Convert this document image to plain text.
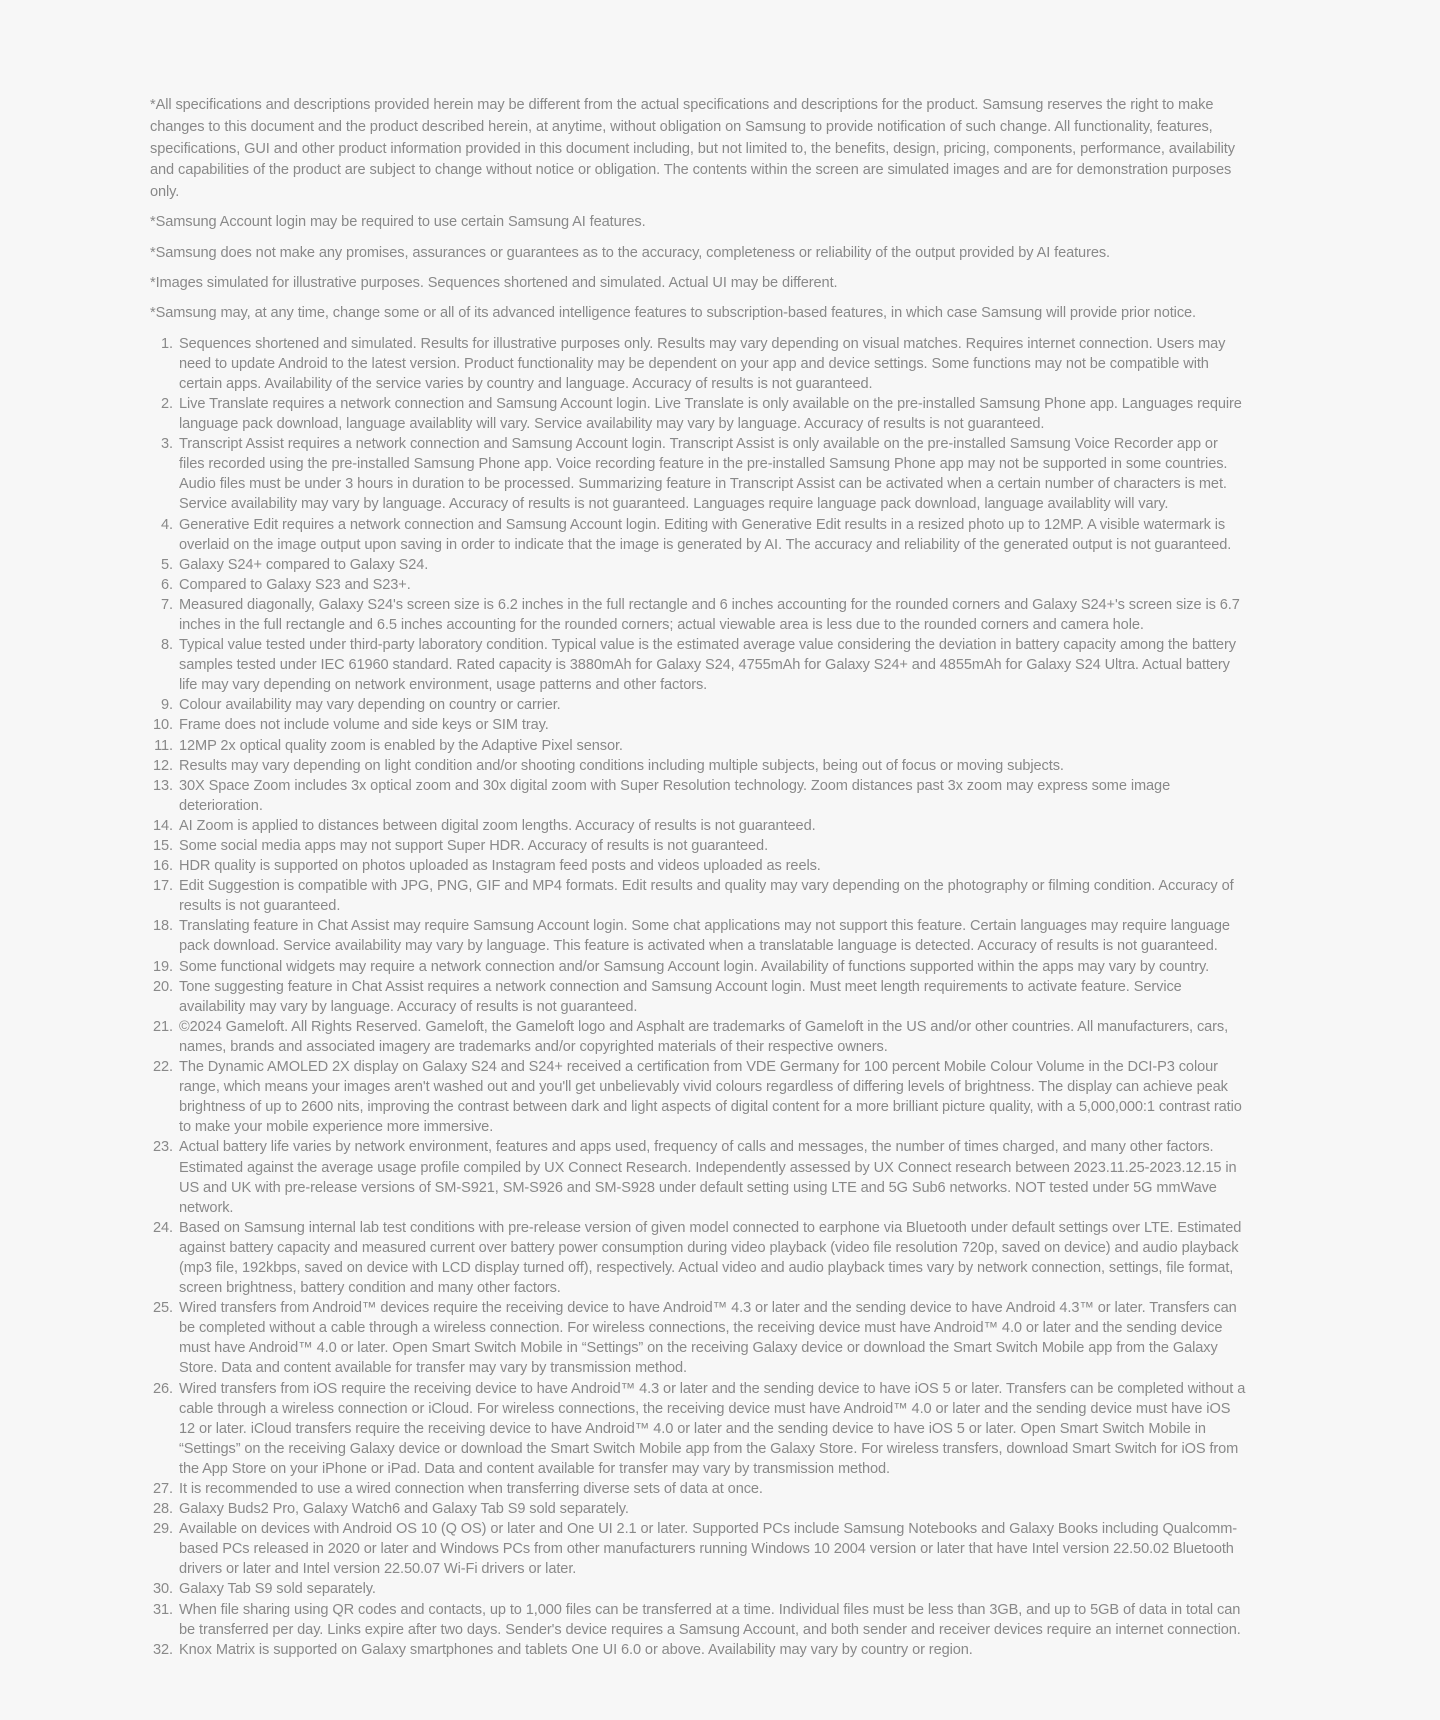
*All specifications and descriptions provided herein may be different from the actual specifications and descriptions for the product. Samsung reserves the right to make changes to this document and the product described herein, at anytime, without obligation on Samsung to provide notification of such change. All functionality, features, specifications, GUI and other product information provided in this document including, but not limited to, the benefits, design, pricing, components, performance, availability and capabilities of the product are subject to change without notice or obligation. The contents within the screen are simulated images and are for demonstration purposes only.

*Samsung Account login may be required to use certain Samsung AI features.

*Samsung does not make any promises, assurances or guarantees as to the accuracy, completeness or reliability of the output provided by AI features.

*Images simulated for illustrative purposes. Sequences shortened and simulated. Actual UI may be different.

*Samsung may, at any time, change some or all of its advanced intelligence features to subscription-based features, in which case Samsung will provide prior notice.

1. Sequences shortened and simulated. Results for illustrative purposes only. Results may vary depending on visual matches. Requires internet connection. Users may need to update Android to the latest version. Product functionality may be dependent on your app and device settings. Some functions may not be compatible with certain apps. Availability of the service varies by country and language. Accuracy of results is not guaranteed.
2. Live Translate requires a network connection and Samsung Account login. Live Translate is only available on the pre-installed Samsung Phone app. Languages require language pack download, language availablity will vary. Service availability may vary by language. Accuracy of results is not guaranteed.
3. Transcript Assist requires a network connection and Samsung Account login. Transcript Assist is only available on the pre-installed Samsung Voice Recorder app or files recorded using the pre-installed Samsung Phone app. Voice recording feature in the pre-installed Samsung Phone app may not be supported in some countries. Audio files must be under 3 hours in duration to be processed. Summarizing feature in Transcript Assist can be activated when a certain number of characters is met. Service availability may vary by language. Accuracy of results is not guaranteed. Languages require language pack download, language availablity will vary.
4. Generative Edit requires a network connection and Samsung Account login. Editing with Generative Edit results in a resized photo up to 12MP. A visible watermark is overlaid on the image output upon saving in order to indicate that the image is generated by AI. The accuracy and reliability of the generated output is not guaranteed.
5. Galaxy S24+ compared to Galaxy S24.
6. Compared to Galaxy S23 and S23+.
7. Measured diagonally, Galaxy S24's screen size is 6.2 inches in the full rectangle and 6 inches accounting for the rounded corners and Galaxy S24+'s screen size is 6.7 inches in the full rectangle and 6.5 inches accounting for the rounded corners; actual viewable area is less due to the rounded corners and camera hole.
8. Typical value tested under third-party laboratory condition. Typical value is the estimated average value considering the deviation in battery capacity among the battery samples tested under IEC 61960 standard. Rated capacity is 3880mAh for Galaxy S24, 4755mAh for Galaxy S24+ and 4855mAh for Galaxy S24 Ultra. Actual battery life may vary depending on network environment, usage patterns and other factors.
9. Colour availability may vary depending on country or carrier.
10. Frame does not include volume and side keys or SIM tray.
11. 12MP 2x optical quality zoom is enabled by the Adaptive Pixel sensor.
12. Results may vary depending on light condition and/or shooting conditions including multiple subjects, being out of focus or moving subjects.
13. 30X Space Zoom includes 3x optical zoom and 30x digital zoom with Super Resolution technology. Zoom distances past 3x zoom may express some image deterioration.
14. AI Zoom is applied to distances between digital zoom lengths. Accuracy of results is not guaranteed.
15. Some social media apps may not support Super HDR. Accuracy of results is not guaranteed.
16. HDR quality is supported on photos uploaded as Instagram feed posts and videos uploaded as reels.
17. Edit Suggestion is compatible with JPG, PNG, GIF and MP4 formats. Edit results and quality may vary depending on the photography or filming condition. Accuracy of results is not guaranteed.
18. Translating feature in Chat Assist may require Samsung Account login. Some chat applications may not support this feature. Certain languages may require language pack download. Service availability may vary by language. This feature is activated when a translatable language is detected. Accuracy of results is not guaranteed.
19. Some functional widgets may require a network connection and/or Samsung Account login. Availability of functions supported within the apps may vary by country.
20. Tone suggesting feature in Chat Assist requires a network connection and Samsung Account login. Must meet length requirements to activate feature. Service availability may vary by language. Accuracy of results is not guaranteed.
21. ©2024 Gameloft. All Rights Reserved. Gameloft, the Gameloft logo and Asphalt are trademarks of Gameloft in the US and/or other countries. All manufacturers, cars, names, brands and associated imagery are trademarks and/or copyrighted materials of their respective owners.
22. The Dynamic AMOLED 2X display on Galaxy S24 and S24+ received a certification from VDE Germany for 100 percent Mobile Colour Volume in the DCI-P3 colour range, which means your images aren't washed out and you'll get unbelievably vivid colours regardless of differing levels of brightness. The display can achieve peak brightness of up to 2600 nits, improving the contrast between dark and light aspects of digital content for a more brilliant picture quality, with a 5,000,000:1 contrast ratio to make your mobile experience more immersive.
23. Actual battery life varies by network environment, features and apps used, frequency of calls and messages, the number of times charged, and many other factors. Estimated against the average usage profile compiled by UX Connect Research. Independently assessed by UX Connect research between 2023.11.25-2023.12.15 in US and UK with pre-release versions of SM-S921, SM-S926 and SM-S928 under default setting using LTE and 5G Sub6 networks. NOT tested under 5G mmWave network.
24. Based on Samsung internal lab test conditions with pre-release version of given model connected to earphone via Bluetooth under default settings over LTE. Estimated against battery capacity and measured current over battery power consumption during video playback (video file resolution 720p, saved on device) and audio playback (mp3 file, 192kbps, saved on device with LCD display turned off), respectively. Actual video and audio playback times vary by network connection, settings, file format, screen brightness, battery condition and many other factors.
25. Wired transfers from Android™ devices require the receiving device to have Android™ 4.3 or later and the sending device to have Android 4.3™ or later. Transfers can be completed without a cable through a wireless connection. For wireless connections, the receiving device must have Android™ 4.0 or later and the sending device must have Android™ 4.0 or later. Open Smart Switch Mobile in “Settings” on the receiving Galaxy device or download the Smart Switch Mobile app from the Galaxy Store. Data and content available for transfer may vary by transmission method.
26. Wired transfers from iOS require the receiving device to have Android™ 4.3 or later and the sending device to have iOS 5 or later. Transfers can be completed without a cable through a wireless connection or iCloud. For wireless connections, the receiving device must have Android™ 4.0 or later and the sending device must have iOS 12 or later. iCloud transfers require the receiving device to have Android™ 4.0 or later and the sending device to have iOS 5 or later. Open Smart Switch Mobile in “Settings” on the receiving Galaxy device or download the Smart Switch Mobile app from the Galaxy Store. For wireless transfers, download Smart Switch for iOS from the App Store on your iPhone or iPad. Data and content available for transfer may vary by transmission method.
27. It is recommended to use a wired connection when transferring diverse sets of data at once.
28. Galaxy Buds2 Pro, Galaxy Watch6 and Galaxy Tab S9 sold separately.
29. Available on devices with Android OS 10 (Q OS) or later and One UI 2.1 or later. Supported PCs include Samsung Notebooks and Galaxy Books including Qualcomm-based PCs released in 2020 or later and Windows PCs from other manufacturers running Windows 10 2004 version or later that have Intel version 22.50.02 Bluetooth drivers or later and Intel version 22.50.07 Wi-Fi drivers or later.
30. Galaxy Tab S9 sold separately.
31. When file sharing using QR codes and contacts, up to 1,000 files can be transferred at a time. Individual files must be less than 3GB, and up to 5GB of data in total can be transferred per day. Links expire after two days. Sender's device requires a Samsung Account, and both sender and receiver devices require an internet connection.
32. Knox Matrix is supported on Galaxy smartphones and tablets One UI 6.0 or above. Availability may vary by country or region.
